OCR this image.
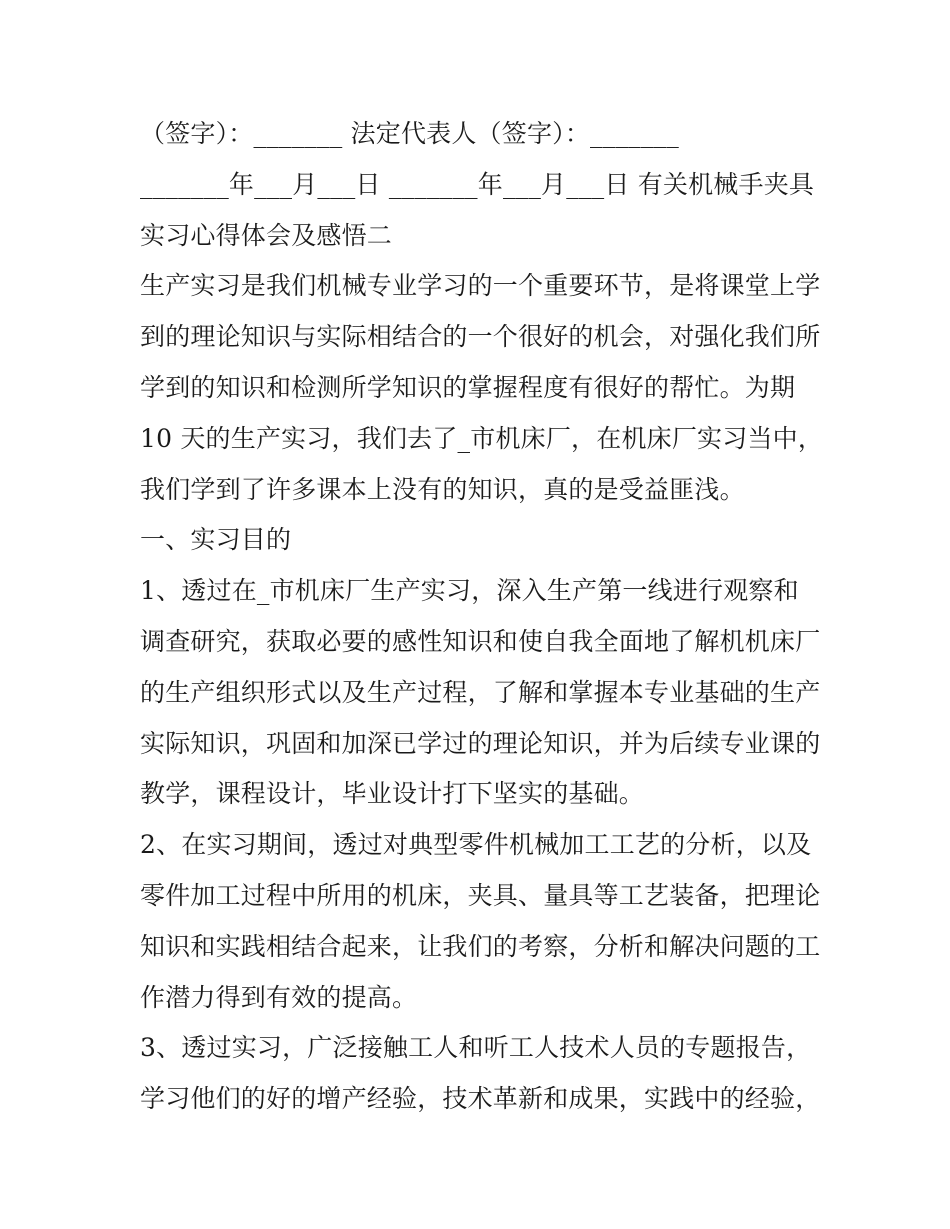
（签字）：_______ 法定代表人（签字）：_______
_______年___月___日 _______年___月___日 有关机械手夹具
实习心得体会及感悟二
生产实习是我们机械专业学习的一个重要环节，是将课堂上学
到的理论知识与实际相结合的一个很好的机会，对强化我们所
学到的知识和检测所学知识的掌握程度有很好的帮忙。为期
10 天的生产实习，我们去了_市机床厂，在机床厂实习当中，
我们学到了许多课本上没有的知识，真的是受益匪浅。
一、实习目的
1、透过在_市机床厂生产实习，深入生产第一线进行观察和
调查研究，获取必要的感性知识和使自我全面地了解机机床厂
的生产组织形式以及生产过程，了解和掌握本专业基础的生产
实际知识，巩固和加深已学过的理论知识，并为后续专业课的
教学，课程设计，毕业设计打下坚实的基础。
2、在实习期间，透过对典型零件机械加工工艺的分析，以及
零件加工过程中所用的机床，夹具、量具等工艺装备，把理论
知识和实践相结合起来，让我们的考察，分析和解决问题的工
作潜力得到有效的提高。
3、透过实习，广泛接触工人和听工人技术人员的专题报告，
学习他们的好的增产经验，技术革新和成果，实践中的经验，
